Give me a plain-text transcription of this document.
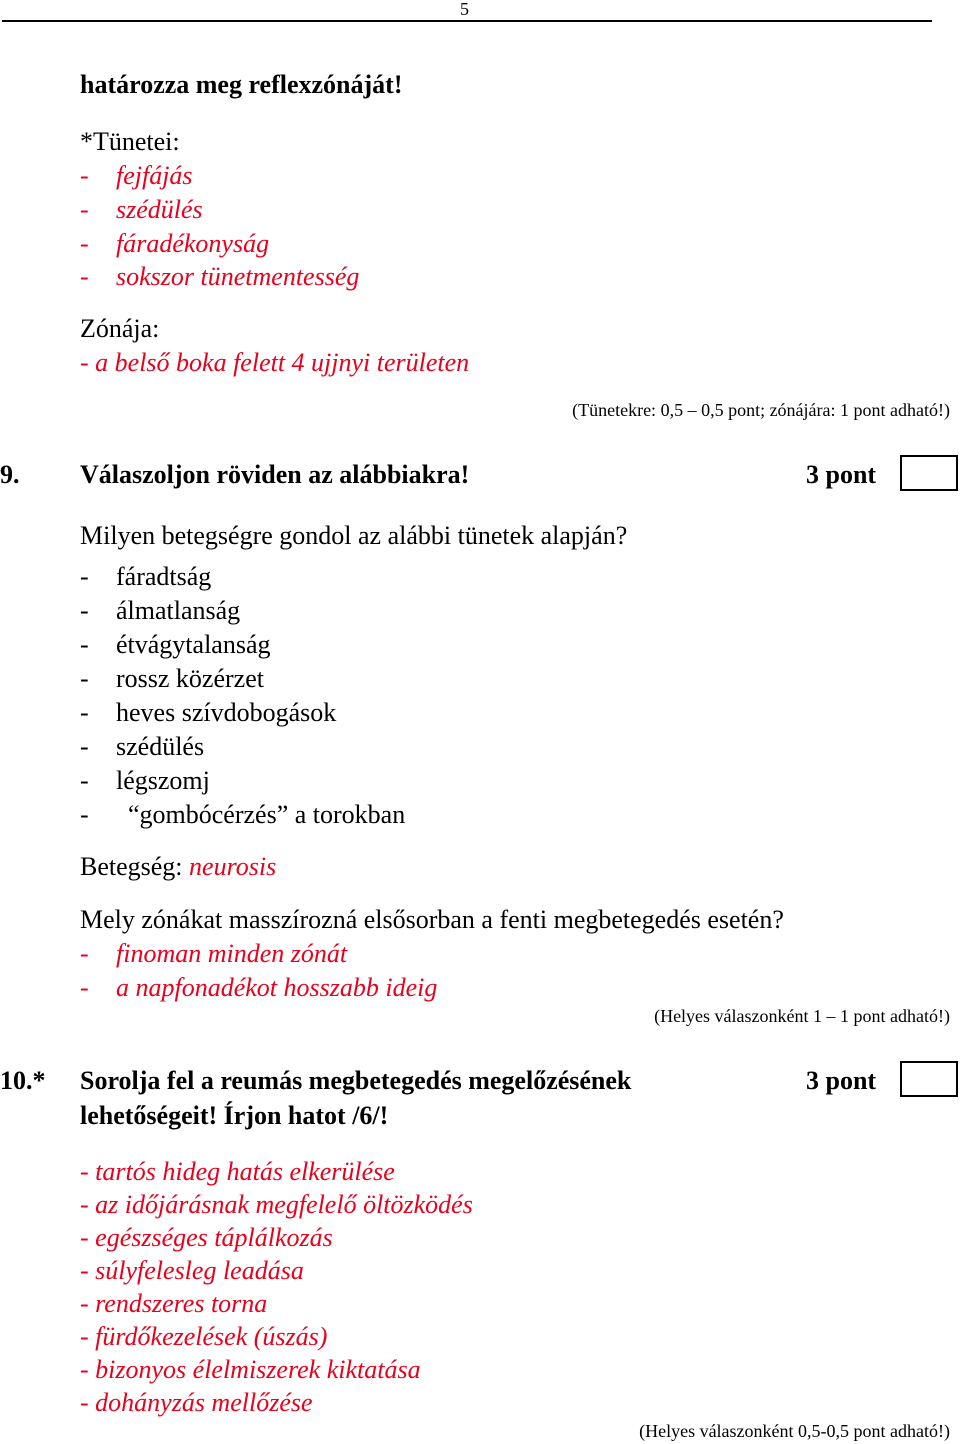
5
határozza meg reflexzónáját!
*Tünetei:
- fejfájás
- szédülés
- fáradékonyság
- sokszor tünetmentesség
Zónája:
- a belső boka felett 4 ujjnyi területen
(Tünetekre: 0,5 – 0,5 pont; zónájára: 1 pont adható!)
9. Válaszoljon röviden az alábbiakra!	3 pont
Milyen betegségre gondol az alábbi tünetek alapján?
- fáradtság
- álmatlanság
- étvágytalanság
- rossz közérzet
- heves szívdobogások
- szédülés
- légszomj
- “gombócérzés” a torokban
Betegség: neurosis
Mely zónákat masszírozná elsősorban a fenti megbetegedés esetén?
- finoman minden zónát
- a napfonadékot hosszabb ideig
(Helyes válaszonként 1 – 1 pont adható!)
10.* Sorolja fel a reumás megbetegedés megelőzésének
lehetőségeit! Írjon hatot /6/!
3 pont
- tartós hideg hatás elkerülése
- az időjárásnak megfelelő öltözködés
- egészséges táplálkozás
- súlyfelesleg leadása
- rendszeres torna
- fürdőkezelések (úszás)
- bizonyos élelmiszerek kiktatása
- dohányzás mellőzése
(Helyes válaszonként 0,5-0,5 pont adható!)
